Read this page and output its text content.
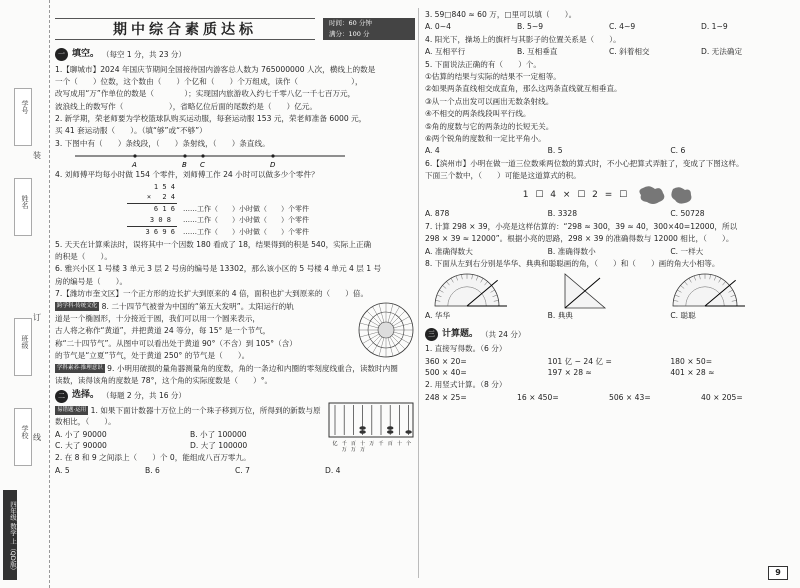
学号
姓名
班级
学校
装
订
线
四年级 数学 上（QD版）
期中综合素质达标	时间：60 分钟
满分：100 分
一 填空。 （每空 1 分，共 23 分）

1.【聊城市】2024 年国庆节期间全国接待国内游客总人数为 765000000 人次，横线上的数是

一个（　　）位数，这个数由（　　）个亿和（　　）个万组成，读作（　　　　　　　），

改写成用“万”作单位的数是（　　　　）；实现国内旅游收入约七千零八亿一千七百万元，

波浪线上的数写作（　　　　　　），省略亿位后面的尾数约是（　　）亿元。

2. 新学期，荣老师要为学校篮球队购买运动服，每套运动服 153 元，荣老师准备 6000 元，

买 41 套运动服（　　）。（填“够”或“不够”）

3. 下图中有（　　）条线段，（　　）条射线，（　　）条直线。

A	B C	D

4. 刘师傅平均每小时做 154 个零件，刘师傅工作 24 小时可以做多少个零件？

1 5 4
×　 2 4
6 1 6
3 0 8
3 6 9 6
……工作（　　）小时做（　　）个零件
……工作（　　）小时做（　　）个零件
……工作（　　）小时做（　　）个零件

5. 天天在计算乘法时，误将其中一个因数 180 看成了 18，结果得到的积是 540，实际上正确

的积是（　　）。

6. 雅兴小区 1 号楼 3 单元 3 层 2 号房的编号是 13302，那么该小区的 5 号楼 4 单元 4 层 1 号

房的编号是（　　）。

7.【潍坊市奎文区】一个正方形的边长扩大到原来的 4 倍，面积也扩大到原来的（　　）倍。

跨学科·传统文化 8. 二十四节气被誉为中国的“第五大发明”。太阳运行的轨

道是一个椭圆形，十分接近于圆，我们可以用一个圆来表示，

古人将之称作“黄道”，并把黄道 24 等分，每 15° 是一个节气，

称“二十四节气”。从图中可以看出处于黄道 90°（不含）到 105°（含）

的节气是“立夏”节气，处于黄道 250° 的节气是（　　）。

学科素养·推理意识 9. 小明用破损的量角器测量角的度数，角的一条边和内圈的零刻度线重合，读数时内圈

读数，读得该角的度数是 78°，这个角的实际度数是（　　）°。

二 选择。 （每题 2 分，共 16 分）

易错题·运用 1. 如果下面计数器十万位上的一个珠子移到万位，所得到的新数与原数相比，（　　）。

A. 小了 90000	B. 小了 100000
C. 大了 90000	D. 大了 100000	亿 千
万
百
万
十
万
万 千 百 十 个

2. 在 8 和 9 之间添上（　　）个 0，能组成八百万零九。

A. 5	B. 6	C. 7	D. 4

3. 59□840 ≈ 60 万，□里可以填（　　）。

A. 0~4	B. 5~9	C. 4~9	D. 1~9

4. 阳光下，操场上的旗杆与其影子的位置关系是（　　）。

A. 互相平行	B. 互相垂直	C. 斜着相交	D. 无法确定

5. 下面说法正确的有（　　）个。

①估算的结果与实际的结果不一定相等。

②如果两条直线相交成直角，那么这两条直线就互相垂直。

③从一个点出发可以画出无数条射线。

④不相交的两条线段叫平行线。

⑤角的度数与它的两条边的长短无关。

⑥两个锐角的度数和一定比平角小。

A. 4	B. 5	C. 6

6.【滨州市】小明在做一道三位数乘两位数的算式时，不小心把算式弄脏了，变成了下图这样。

下面三个数中，（　　）可能是这道算式的积。

1 ☐ 4 × ☐ 2 = ☐
A. 878	B. 3328	C. 50728

7. 计算 298 × 39，小亮是这样估算的：“298 ≈ 300，39 ≈ 40，300×40=12000，所以

298 × 39 ≈ 12000”。根据小亮的思路，298 × 39 的准确得数与 12000 相比，（　　）。

A. 准确得数大	B. 准确得数小	C. 一样大

8. 下面从左到右分别是华华、典典和聪聪画的角，（　　）和（　　）画的角大小相等。

A. 华华	B. 典典	C. 聪聪
三 计算题。 （共 24 分）

1. 直接写得数。（6 分）

360 × 20=	101 亿 − 24 亿 =	180 × 50=
500 × 40=	197 × 28 ≈	401 × 28 ≈

2. 用竖式计算。（8 分）

248 × 25=	16 × 450=	506 × 43=	40 × 205=
9
